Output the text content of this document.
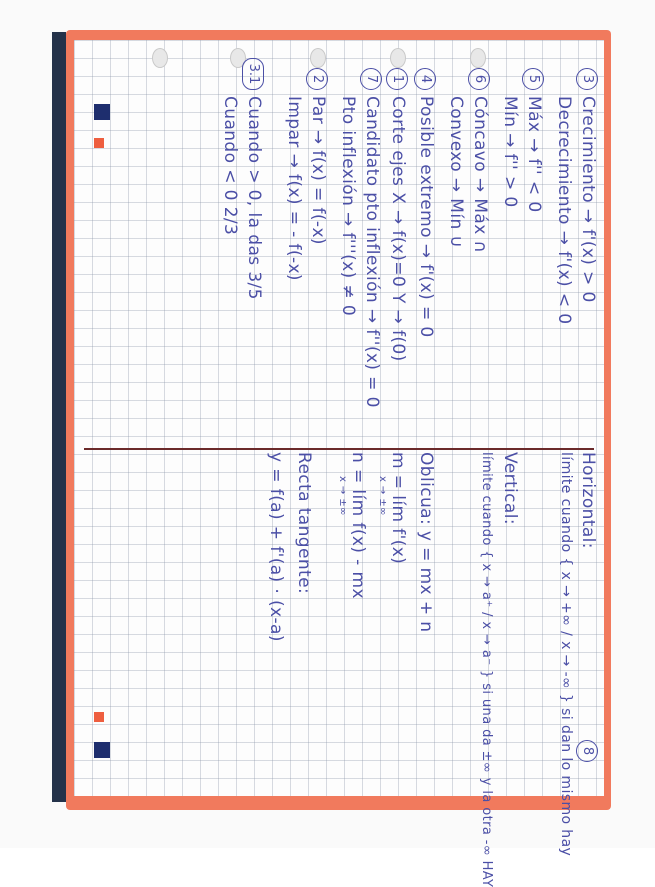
3
Crecimiento → f'(x) > 0
Decrecimiento → f'(x) < 0
5
Máx → f'' < 0
Mín → f'' > 0
6
Cóncavo → Máx ∩
Convexo → Mín ∪
4
Posible extremo → f'(x) = 0
1
Corte ejes X → f(x)=0 Y → f(0)
7
Candidato pto inflexión → f''(x) = 0
Pto inflexión → f'''(x) ≠ 0
2
Par → f(x) = f(-x)
Impar → f(x) = - f(-x)
3.1
Cuando > 0, la das 3/5
Cuando < 0 2/3
8
Horizontal:
límite cuando { x → +∞ / x → -∞ } si dan lo mismo hay
Vertical:
límite cuando { x → a⁺ / x → a⁻ } si una da ±∞ y la otra -∞ HAY
Oblicua: y = mx + n
m = lím f'(x)
x → ±∞
n = lím f(x) - mx
x → ±∞
Recta tangente:
y = f(a) + f'(a) · (x-a)
